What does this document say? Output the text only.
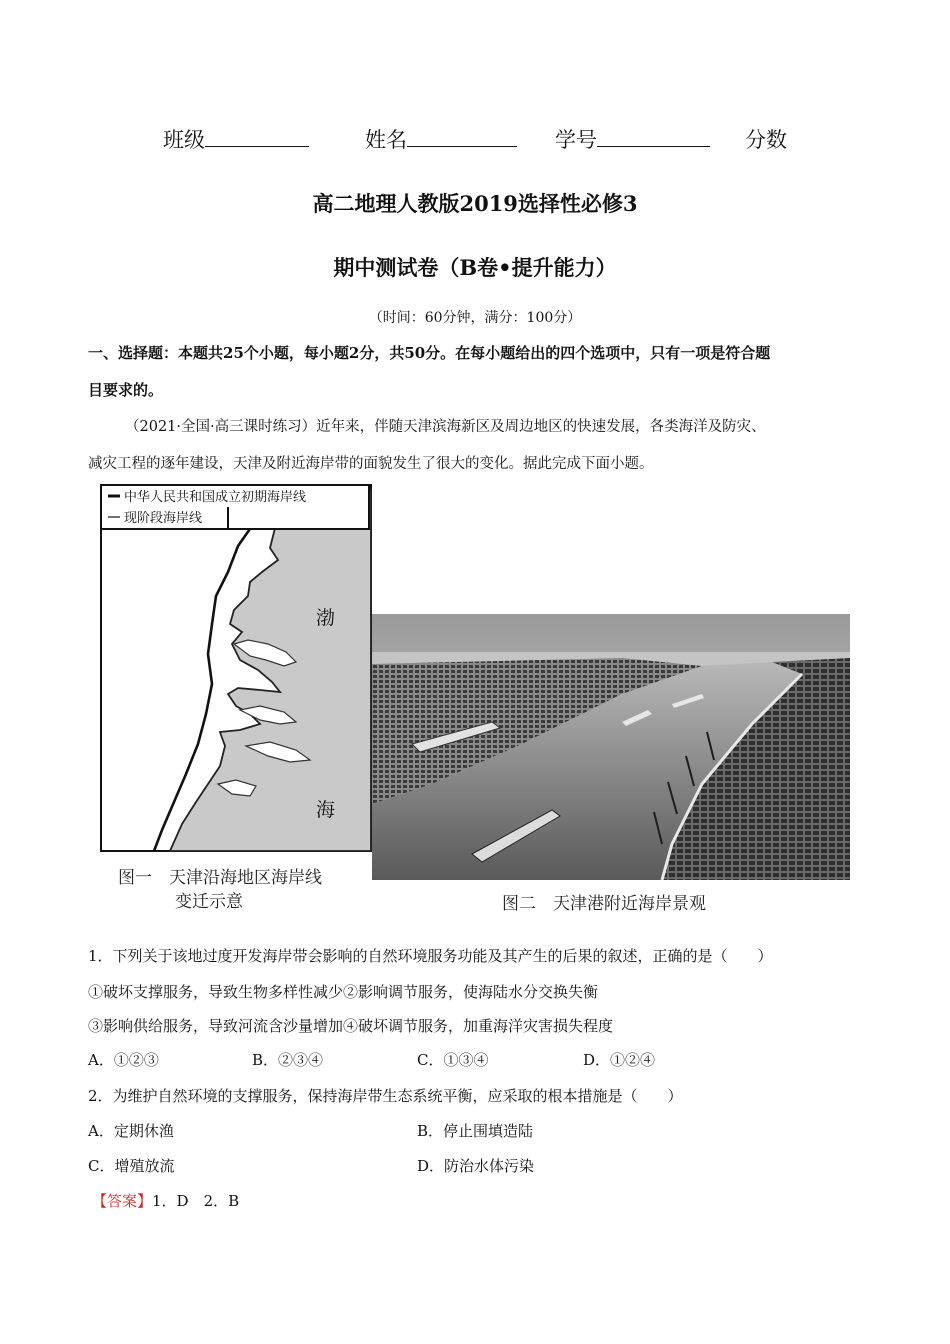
班级	姓名	学号	分数
高二地理人教版2019选择性必修3
期中测试卷（B卷•提升能力）
（时间：60分钟，满分：100分）
一、选择题：本题共25个小题，每小题2分，共50分。在每小题给出的四个选项中，只有一项是符合题
目要求的。
（2021·全国·高三课时练习）近年来，伴随天津滨海新区及周边地区的快速发展，各类海洋及防灾、
减灾工程的逐年建设，天津及附近海岸带的面貌发生了很大的变化。据此完成下面小题。
中华人民共和国成立初期海岸线
现阶段海岸线
渤
海
图一　天津沿海地区海岸线
变迁示意	图二　天津港附近海岸景观
1．下列关于该地过度开发海岸带会影响的自然环境服务功能及其产生的后果的叙述，正确的是（　　）
①破坏支撑服务，导致生物多样性减少②影响调节服务，使海陆水分交换失衡
③影响供给服务，导致河流含沙量增加④破坏调节服务，加重海洋灾害损失程度
A．①②③	B．②③④	C．①③④	D．①②④
2．为维护自然环境的支撑服务，保持海岸带生态系统平衡，应采取的根本措施是（　　）
A．定期休渔	B．停止围填造陆
C．增殖放流	D．防治水体污染
【答案】1．D　2．B
